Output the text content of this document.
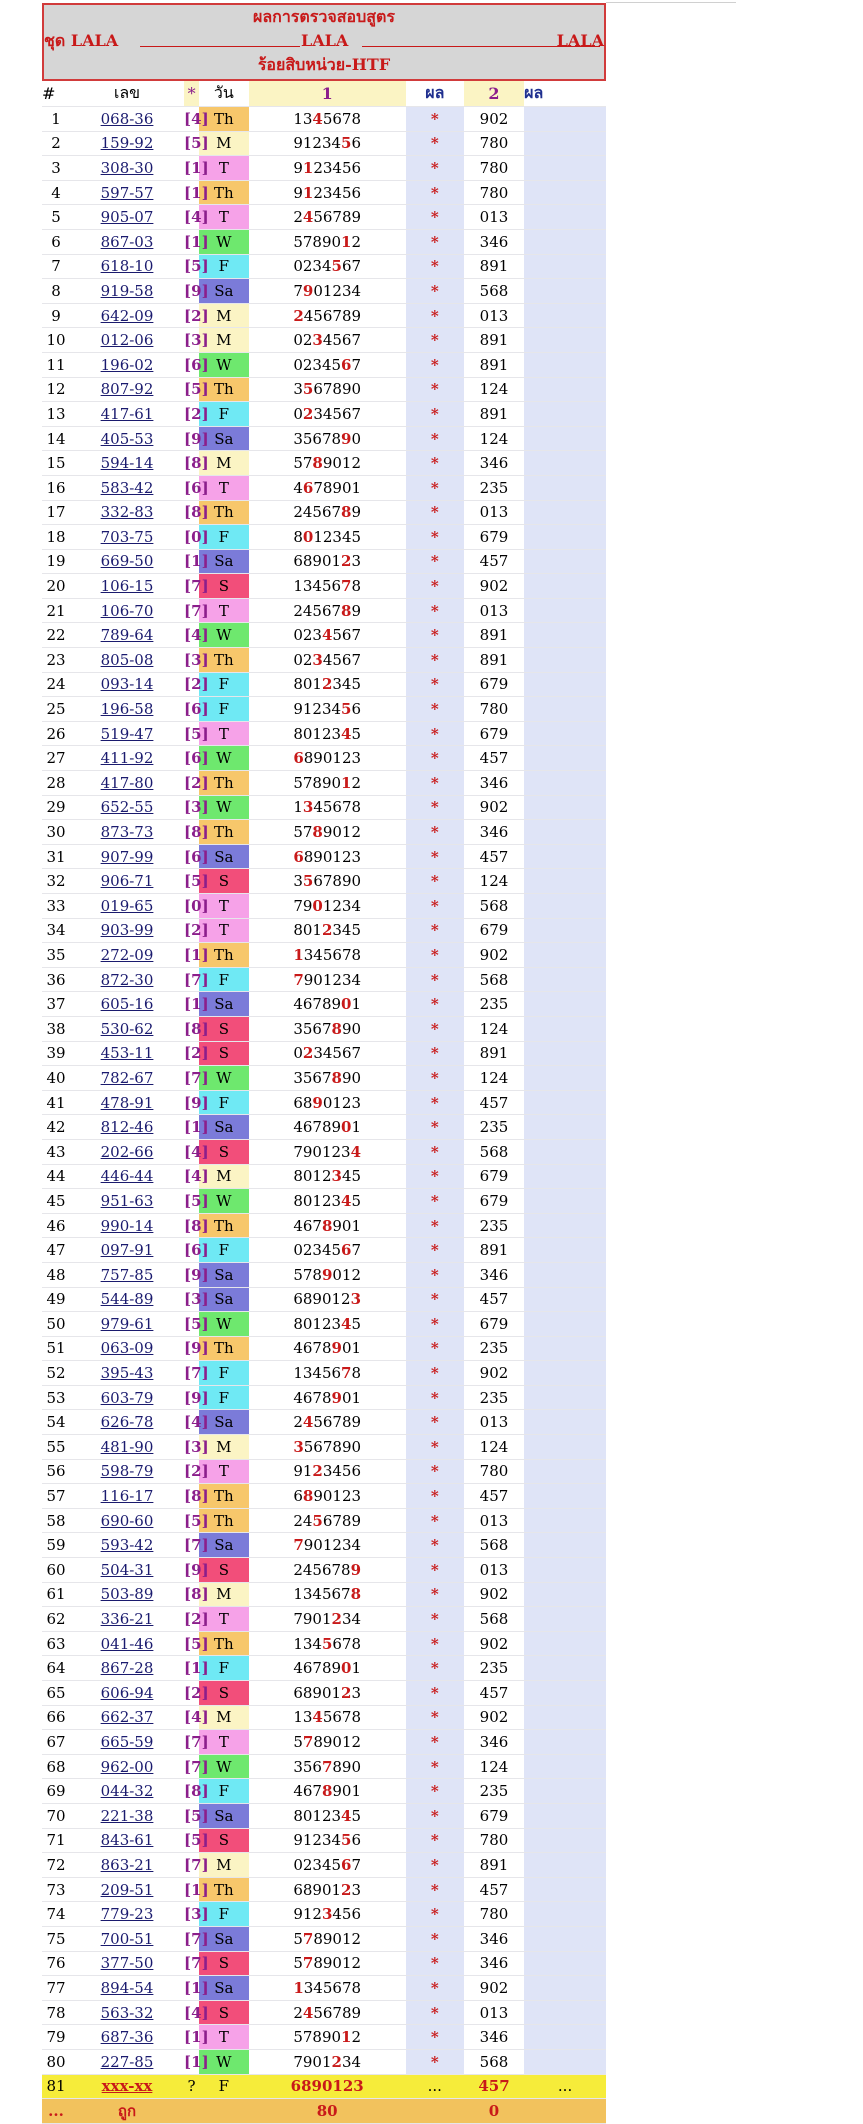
ผลการตรวจสอบสูตร
ชุด LALA	LALA	LALA
ร้อยสิบหน่วย-HTF
#	เลข	*	วัน	1	ผล	2	ผล
1	068-36	[4	Th	1345678	*	902	
2	159-92	[5	M	9123456	*	780	
3	308-30	[1	T	9123456	*	780	
4	597-57	[1	Th	9123456	*	780	
5	905-07	[4	T	2456789	*	013	
6	867-03	[1	W	5789012	*	346	
7	618-10	[5	F	0234567	*	891	
8	919-58	[9	Sa	7901234	*	568	
9	642-09	[2	M	2456789	*	013	
10	012-06	[3	M	0234567	*	891	
11	196-02	[6	W	0234567	*	891	
12	807-92	[5	Th	3567890	*	124	
13	417-61	[2	F	0234567	*	891	
14	405-53	[9	Sa	3567890	*	124	
15	594-14	[8	M	5789012	*	346	
16	583-42	[6	T	4678901	*	235	
17	332-83	[8	Th	2456789	*	013	
18	703-75	[0	F	8012345	*	679	
19	669-50	[1	Sa	6890123	*	457	
20	106-15	[7	S	1345678	*	902	
21	106-70	[7	T	2456789	*	013	
22	789-64	[4	W	0234567	*	891	
23	805-08	[3	Th	0234567	*	891	
24	093-14	[2	F	8012345	*	679	
25	196-58	[6	F	9123456	*	780	
26	519-47	[5	T	8012345	*	679	
27	411-92	[6	W	6890123	*	457	
28	417-80	[2	Th	5789012	*	346	
29	652-55	[3	W	1345678	*	902	
30	873-73	[8	Th	5789012	*	346	
31	907-99	[6	Sa	6890123	*	457	
32	906-71	[5	S	3567890	*	124	
33	019-65	[0	T	7901234	*	568	
34	903-99	[2	T	8012345	*	679	
35	272-09	[1	Th	1345678	*	902	
36	872-30	[7	F	7901234	*	568	
37	605-16	[1	Sa	4678901	*	235	
38	530-62	[8	S	3567890	*	124	
39	453-11	[2	S	0234567	*	891	
40	782-67	[7	W	3567890	*	124	
41	478-91	[9	F	6890123	*	457	
42	812-46	[1	Sa	4678901	*	235	
43	202-66	[4	S	7901234	*	568	
44	446-44	[4	M	8012345	*	679	
45	951-63	[5	W	8012345	*	679	
46	990-14	[8	Th	4678901	*	235	
47	097-91	[6	F	0234567	*	891	
48	757-85	[9	Sa	5789012	*	346	
49	544-89	[3	Sa	6890123	*	457	
50	979-61	[5	W	8012345	*	679	
51	063-09	[9	Th	4678901	*	235	
52	395-43	[7	F	1345678	*	902	
53	603-79	[9	F	4678901	*	235	
54	626-78	[4	Sa	2456789	*	013	
55	481-90	[3	M	3567890	*	124	
56	598-79	[2	T	9123456	*	780	
57	116-17	[8	Th	6890123	*	457	
58	690-60	[5	Th	2456789	*	013	
59	593-42	[7	Sa	7901234	*	568	
60	504-31	[9	S	2456789	*	013	
61	503-89	[8	M	1345678	*	902	
62	336-21	[2	T	7901234	*	568	
63	041-46	[5	Th	1345678	*	902	
64	867-28	[1	F	4678901	*	235	
65	606-94	[2	S	6890123	*	457	
66	662-37	[4	M	1345678	*	902	
67	665-59	[7	T	5789012	*	346	
68	962-00	[7	W	3567890	*	124	
69	044-32	[8	F	4678901	*	235	
70	221-38	[5	Sa	8012345	*	679	
71	843-61	[5	S	9123456	*	780	
72	863-21	[7	M	0234567	*	891	
73	209-51	[1	Th	6890123	*	457	
74	779-23	[3	F	9123456	*	780	
75	700-51	[7	Sa	5789012	*	346	
76	377-50	[7	S	5789012	*	346	
77	894-54	[1	Sa	1345678	*	902	
78	563-32	[4	S	2456789	*	013	
79	687-36	[1	T	5789012	*	346	
80	227-85	[1	W	7901234	*	568	
81	xxx-xx	?	F	6890123	...	457	...
...	ถูก			80		0	
